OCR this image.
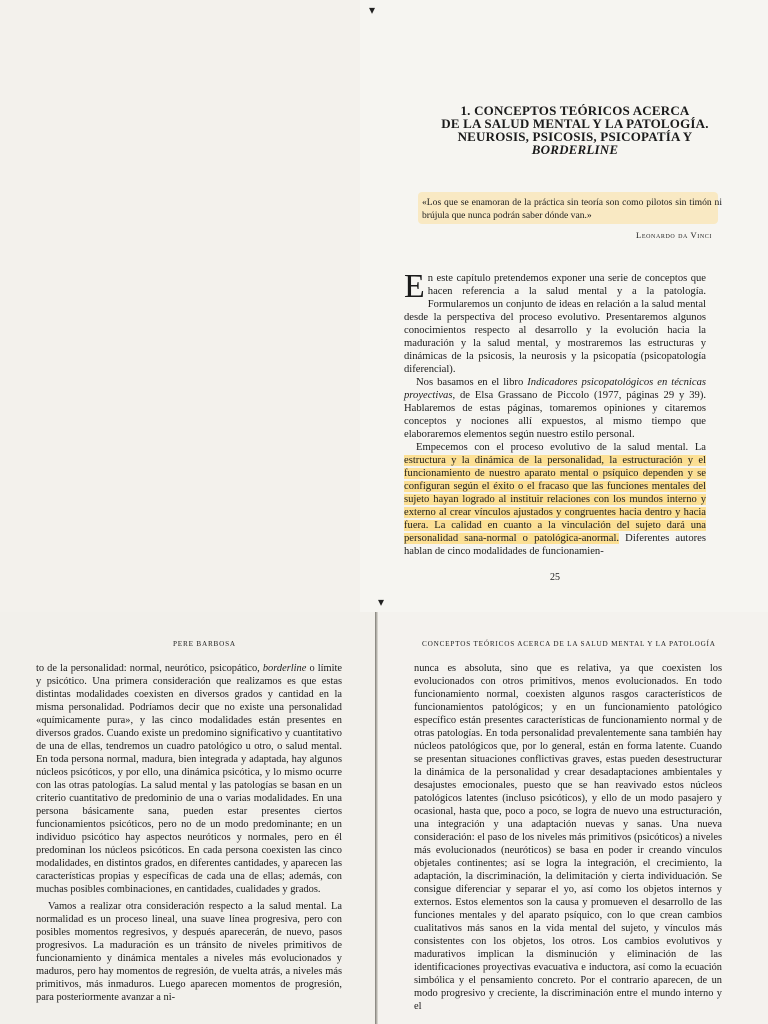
▾
▾
1. CONCEPTOS TEÓRICOS ACERCA
DE LA SALUD MENTAL Y LA PATOLOGÍA.
NEUROSIS, PSICOSIS, PSICOPATÍA Y
BORDERLINE
«Los que se enamoran de la práctica sin teoría son como pilotos sin timón ni brújula que nunca podrán saber dónde van.»
Leonardo da Vinci

En este capítulo pretendemos exponer una serie de conceptos que hacen referencia a la salud mental y a la patología. Formularemos un conjunto de ideas en relación a la salud mental desde la perspectiva del proceso evolutivo. Presentaremos algunos conocimientos respecto al desarrollo y la evolución hacia la maduración y la salud mental, y mostraremos las estructuras y dinámicas de la psicosis, la neurosis y la psicopatía (psicopatología diferencial).

Nos basamos en el libro Indicadores psicopatológicos en técnicas proyectivas, de Elsa Grassano de Piccolo (1977, páginas 29 y 39). Hablaremos de estas páginas, tomaremos opiniones y citaremos conceptos y nociones allí expuestos, al mismo tiempo que elaboraremos elementos según nuestro estilo personal.

Empecemos con el proceso evolutivo de la salud mental. La estructura y la dinámica de la personalidad, la estructuración y el funcionamiento de nuestro aparato mental o psíquico dependen y se configuran según el éxito o el fracaso que las funciones mentales del sujeto hayan logrado al instituir relaciones con los mundos interno y externo al crear vínculos ajustados y congruentes hacia dentro y hacia fuera. La calidad en cuanto a la vinculación del sujeto dará una personalidad sana-normal o patológica-anormal. Diferentes autores hablan de cinco modalidades de funcionamien-

25
PERE BARBOSA

to de la personalidad: normal, neurótico, psicopático, borderline o límite y psicótico. Una primera consideración que realizamos es que estas distintas modalidades coexisten en diversos grados y cantidad en la misma personalidad. Podríamos decir que no existe una personalidad «químicamente pura», y las cinco modalidades están presentes en diversos grados. Cuando existe un predomino significativo y cuantitativo de una de ellas, tendremos un cuadro patológico u otro, o salud mental. En toda persona normal, madura, bien integrada y adaptada, hay algunos núcleos psicóticos, y por ello, una dinámica psicótica, y lo mismo ocurre con las otras patologías. La salud mental y las patologías se basan en un criterio cuantitativo de predominio de una o varias modalidades. En una persona básicamente sana, pueden estar presentes ciertos funcionamientos psicóticos, pero no de un modo predominante; en un individuo psicótico hay aspectos neuróticos y normales, pero en él predominan los núcleos psicóticos. En cada persona coexisten las cinco modalidades, en distintos grados, en diferentes cantidades, y aparecen las características propias y específicas de cada una de ellas; además, con muchas posibles combinaciones, en cantidades, cualidades y grados.

Vamos a realizar otra consideración respecto a la salud mental. La normalidad es un proceso lineal, una suave línea progresiva, pero con posibles momentos regresivos, y después aparecerán, de nuevo, pasos progresivos. La maduración es un tránsito de niveles primitivos de funcionamiento y dinámica mentales a niveles más evolucionados y maduros, pero hay momentos de regresión, de vuelta atrás, a niveles más primitivos, más inmaduros. Luego aparecen momentos de progresión, para posteriormente avanzar a ni-

CONCEPTOS TEÓRICOS ACERCA DE LA SALUD MENTAL Y LA PATOLOGÍA

nunca es absoluta, sino que es relativa, ya que coexisten los evolucionados con otros primitivos, menos evolucionados. En todo funcionamiento normal, coexisten algunos rasgos característicos de funcionamientos patológicos; y en un funcionamiento patológico específico están presentes características de funcionamiento normal y de otras patologías. En toda personalidad prevalentemente sana también hay núcleos patológicos que, por lo general, están en forma latente. Cuando se presentan situaciones conflictivas graves, estas pueden desestructurar la dinámica de la personalidad y crear desadaptaciones ambientales y desajustes emocionales, puesto que se han reavivado estos núcleos patológicos latentes (incluso psicóticos), y ello de un modo pasajero y ocasional, hasta que, poco a poco, se logra de nuevo una estructuración, una integración y una adaptación nuevas y sanas. Una nueva consideración: el paso de los niveles más primitivos (psicóticos) a niveles más evolucionados (neuróticos) se basa en poder ir creando vínculos objetales continentes; así se logra la integración, el crecimiento, la adaptación, la discriminación, la delimitación y cierta individuación. Se consigue diferenciar y separar el yo, así como los objetos internos y externos. Estos elementos son la causa y promueven el desarrollo de las funciones mentales y del aparato psíquico, con lo que crean cambios cualitativos más sanos en la vida mental del sujeto, y vínculos más consistentes con los objetos, los otros. Los cambios evolutivos y madurativos implican la disminución y eliminación de las identificaciones proyectivas evacuativa e inductora, así como la ecuación simbólica y el pensamiento concreto. Por el contrario aparecen, de un modo progresivo y creciente, la discriminación entre el mundo interno y el
